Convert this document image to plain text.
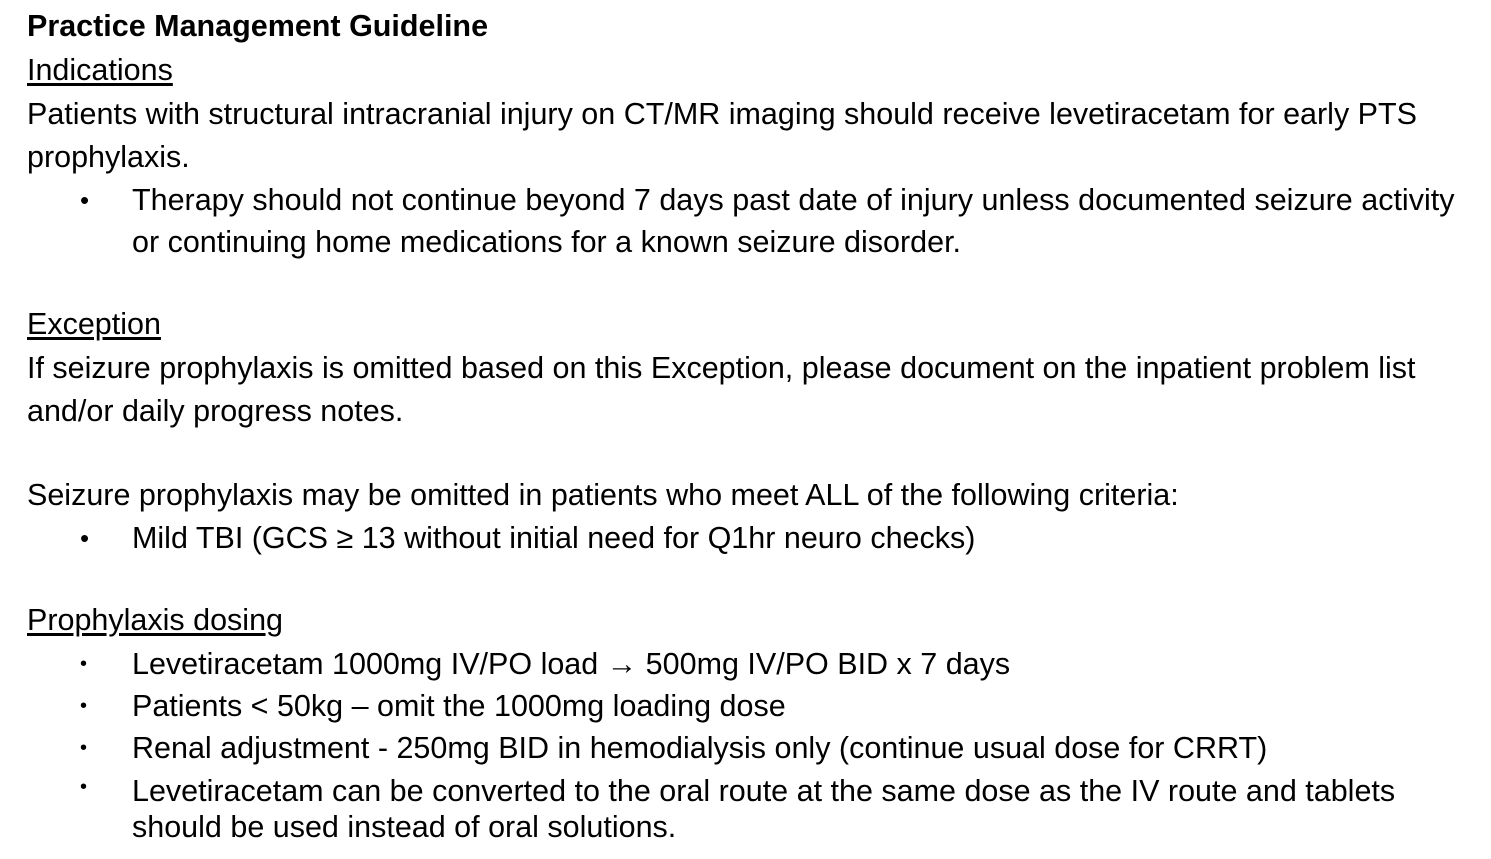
Practice Management Guideline

Indications

Patients with structural intracranial injury on CT/MR imaging should receive levetiracetam for early PTS prophylaxis.

• Therapy should not continue beyond 7 days past date of injury unless documented seizure activity or continuing home medications for a known seizure disorder.

Exception

If seizure prophylaxis is omitted based on this Exception, please document on the inpatient problem list and/or daily progress notes.

Seizure prophylaxis may be omitted in patients who meet ALL of the following criteria:

• Mild TBI (GCS ≥ 13 without initial need for Q1hr neuro checks)

Prophylaxis dosing

• Levetiracetam 1000mg IV/PO load → 500mg IV/PO BID x 7 days
• Patients < 50kg – omit the 1000mg loading dose
• Renal adjustment - 250mg BID in hemodialysis only (continue usual dose for CRRT)
• Levetiracetam can be converted to the oral route at the same dose as the IV route and tablets should be used instead of oral solutions.
